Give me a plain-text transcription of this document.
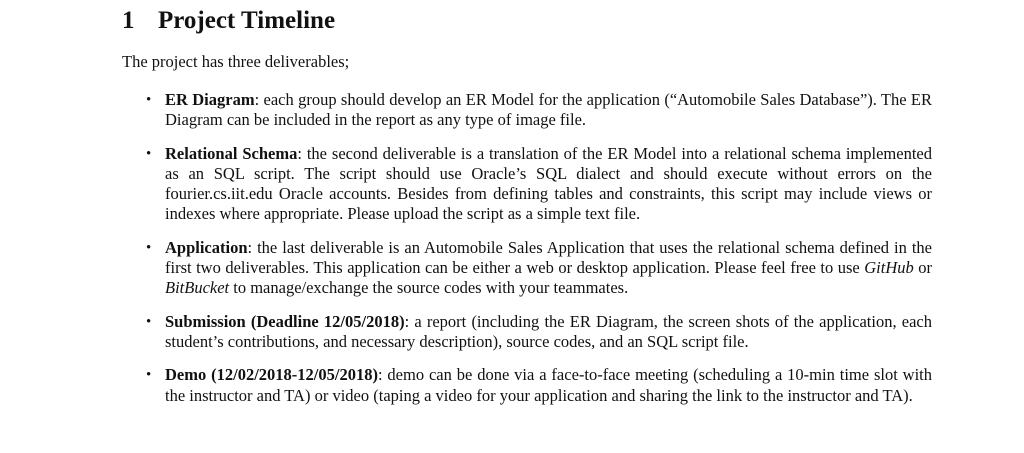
1 Project Timeline

The project has three deliverables;

• ER Diagram: each group should develop an ER Model for the application (“Automobile Sales Database”). The ER Diagram can be included in the report as any type of image file.
• Relational Schema: the second deliverable is a translation of the ER Model into a relational schema implemented as an SQL script. The script should use Oracle’s SQL dialect and should execute without errors on the fourier.cs.iit.edu Oracle accounts. Besides from defining tables and constraints, this script may include views or indexes where appropriate. Please upload the script as a simple text file.
• Application: the last deliverable is an Automobile Sales Application that uses the relational schema defined in the first two deliverables. This application can be either a web or desktop application. Please feel free to use GitHub or BitBucket to manage/exchange the source codes with your teammates.
• Submission (Deadline 12/05/2018): a report (including the ER Diagram, the screen shots of the application, each student’s contributions, and necessary description), source codes, and an SQL script file.
• Demo (12/02/2018-12/05/2018): demo can be done via a face-to-face meeting (scheduling a 10-min time slot with the instructor and TA) or video (taping a video for your application and sharing the link to the instructor and TA).
